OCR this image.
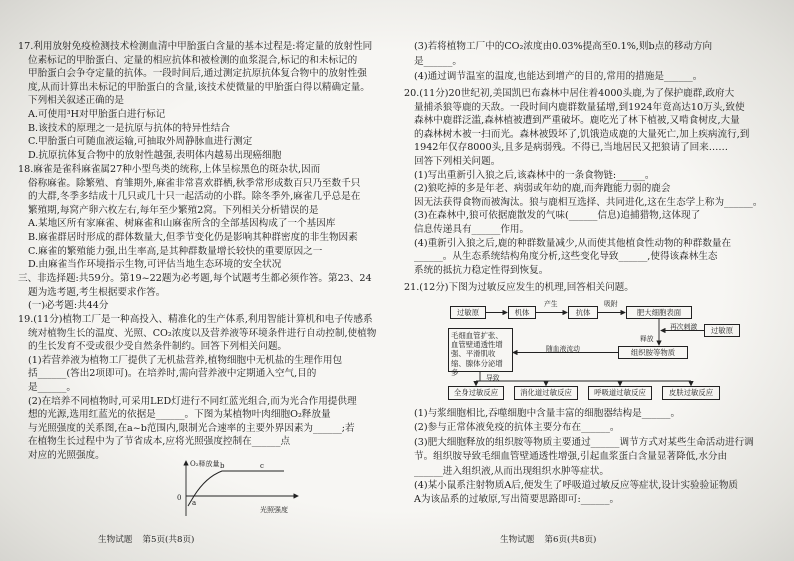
17.利用放射免疫检测技术检测血清中甲胎蛋白含量的基本过程是:将定量的放射性同
位素标记的甲胎蛋白、定量的相应抗体和被检测的血浆混合,标记的和未标记的
甲胎蛋白会争夺定量的抗体。一段时间后,通过测定抗原抗体复合物中的放射性强
度,从而计算出未标记的甲胎蛋白的含量,该技术使微量的甲胎蛋白得以精确定量。
下列相关叙述正确的是
A.可使用³H对甲胎蛋白进行标记
B.该技术的原理之一是抗原与抗体的特异性结合
C.甲胎蛋白可随血液运输,可抽取外周静脉血进行测定
D.抗原抗体复合物中的放射性越强,表明体内越易出现癌细胞
18.麻雀是雀科麻雀属27种小型鸟类的统称,上体呈棕黑色的斑杂状,因而
俗称麻雀。除繁殖、育雏期外,麻雀非常喜欢群栖,秋季常形成数百只乃至数千只
的大群,冬季多结成十几只或几十只一起活动的小群。除冬季外,麻雀几乎总是在
繁殖期,每窝产卵六枚左右,每年至少繁殖2窝。下列相关分析错误的是
A.某地区所有家麻雀、树麻雀和山麻雀所含的全部基因构成了一个基因库
B.麻雀群居时形成的群体数量大,但季节变化仍是影响其种群密度的非生物因素
C.麻雀的繁殖能力强,出生率高,是其种群数量增长较快的重要原因之一
D.由麻雀当作环境指示生物,可评估当地生态环境的安全状况
三、非选择题:共59分。第19~22题为必考题,每个试题考生都必须作答。第23、24
题为选考题,考生根据要求作答。
(一)必考题:共44分
19.(11分)植物工厂是一种高投入、精准化的生产体系,利用智能计算机和电子传感系
统对植物生长的温度、光照、CO₂浓度以及营养液等环境条件进行自动控制,使植物
的生长发育不受或很少受自然条件制约。回答下列相关问题。
(1)若营养液为植物工厂提供了无机盐营养,植物细胞中无机盐的生理作用包
括______(答出2项即可)。在培养时,需向营养液中定期通入空气,目的
是______。
(2)在培养不同植物时,可采用LED灯进行不同红蓝光组合,而为光合作用提供理
想的光源,选用红蓝光的依据是______。下图为某植物叶肉细胞O₂释放量
与光照强度的关系图,在a~b范围内,限制光合速率的主要外界因素为______;若
在植物生长过程中为了节省成本,应将光照强度控制在______点
对应的光照强度。
O₂释放量
0
a
b	c
光照强度
生物试题 第5页(共8页)
(3)若将植物工厂中的CO₂浓度由0.03%提高至0.1%,则b点的移动方向
是______。
(4)通过调节温室的温度,也能达到增产的目的,常用的措施是______。
20.(11分)20世纪初,美国凯巴布森林中居住着4000头鹿,为了保护鹿群,政府大
量捕杀狼等鹿的天敌。一段时间内鹿群数量猛增,到1924年竟高达10万头,致使
森林中鹿群泛滥,森林植被遭到严重破坏。鹿吃光了林下植被,又啃食树皮,大量
的森林树木被一扫而光。森林被毁坏了,饥饿造成鹿的大量死亡,加上疾病流行,到
1942年仅存8000头,且多是病弱残。不得已,当地居民又把狼请了回来……
回答下列相关问题。
(1)写出重新引入狼之后,该森林中的一条食物链:______。
(2)狼吃掉的多是年老、病弱或年幼的鹿,而奔跑能力弱的鹿会
因无法获得食物而被淘汰。狼与鹿相互选择、共同进化,这在生态学上称为______。
(3)在森林中,狼可依据鹿散发的气味(______信息)追捕猎物,这体现了
信息传递具有______作用。
(4)重新引入狼之后,鹿的种群数量减少,从而使其他植食性动物的种群数量在
______。从生态系统结构角度分析,这些变化导致______,使得该森林生态
系统的抵抗力稳定性得到恢复。
21.(12分)下图为过敏反应发生的机理,回答相关问题。
过敏原	机体
产生
抗体
吸附
肥大细胞表面
过敏原
再次刺激
释放
组织胺等物质
随血液流动
毛细血管扩张、血管壁通透性增强、平滑肌收缩、腺体分泌增多
导致
全身过敏反应	消化道过敏反应	呼吸道过敏反应	皮肤过敏反应
(1)与浆细胞相比,吞噬细胞中含量丰富的细胞器结构是______。
(2)参与正常体液免疫的抗体主要分布在______。
(3)肥大细胞释放的组织胺等物质主要通过______调节方式对某些生命活动进行调
节。组织胺导致毛细血管壁通透性增强,引起血浆蛋白含量显著降低,水分由
______进入组织液,从而出现组织水肿等症状。
(4)某小鼠系注射物质A后,便发生了呼吸道过敏反应等症状,设计实验验证物质
A为该品系的过敏原,写出简要思路即可:______。
生物试题 第6页(共8页)
